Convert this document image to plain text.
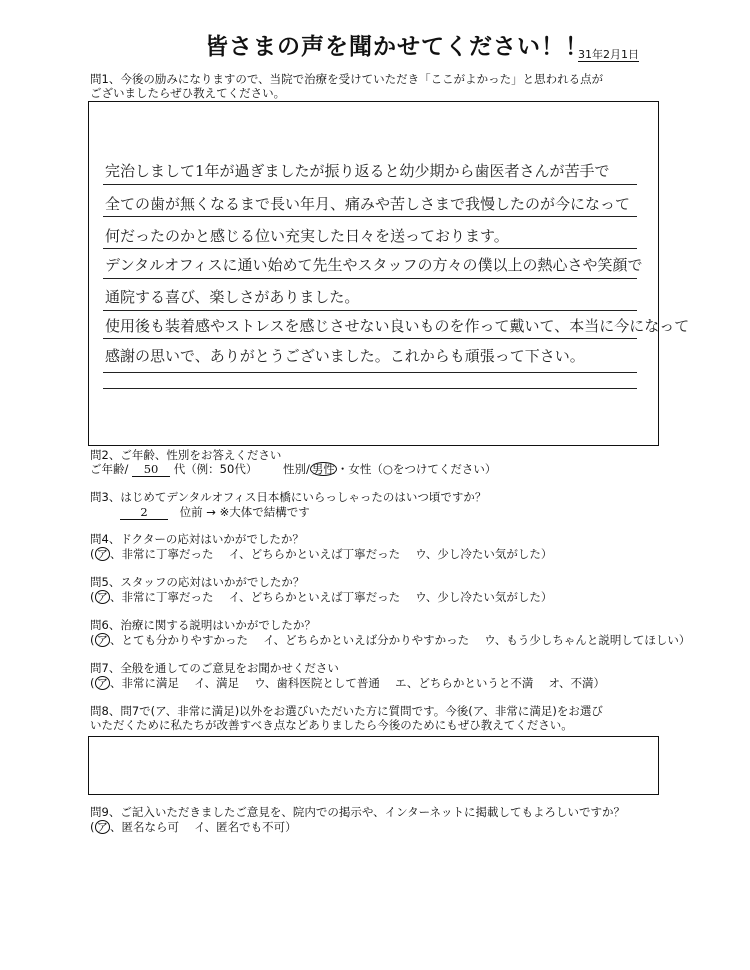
皆さまの声を聞かせてください！！
31年2月1日
問1、今後の励みになりますので、当院で治療を受けていただき「ここがよかった」と思われる点が
ございましたらぜひ教えてください。
完治しまして1年が過ぎましたが振り返ると幼少期から歯医者さんが苦手で
全ての歯が無くなるまで長い年月、痛みや苦しさまで我慢したのが今になって
何だったのかと感じる位い充実した日々を送っております。
デンタルオフィスに通い始めて先生やスタッフの方々の僕以上の熱心さや笑顔で
通院する喜び、楽しさがありました。
使用後も装着感やストレスを感じさせない良いものを作って戴いて、本当に今になって
感謝の思いで、ありがとうございました。これからも頑張って下さい。
問2、ご年齢、性別をお答えください
ご年齢/ 50 代（例：50代） 性別/ 男性 ・女性（○をつけてください）
問3、はじめてデンタルオフィス日本橋にいらっしゃったのはいつ頃ですか？
2	位前 → ※大体で結構です
問4、ドクターの応対はいかがでしたか？
( ア 、非常に丁寧だった　 イ、どちらかといえば丁寧だった　 ウ、少し冷たい気がした）
問5、スタッフの応対はいかがでしたか？
( ア 、非常に丁寧だった　 イ、どちらかといえば丁寧だった　 ウ、少し冷たい気がした）
問6、治療に関する説明はいかがでしたか？
( ア 、とても分かりやすかった　 イ、どちらかといえば分かりやすかった　 ウ、もう少しちゃんと説明してほしい）
問7、全般を通してのご意見をお聞かせください
( ア 、非常に満足　 イ、満足　 ウ、歯科医院として普通　 エ、どちらかというと不満　 オ、不満）
問8、問7で(ア、非常に満足)以外をお選びいただいた方に質問です。今後(ア、非常に満足)をお選び
いただくために私たちが改善すべき点などありましたら今後のためにもぜひ教えてください。
問9、ご記入いただきましたご意見を、院内での掲示や、インターネットに掲載してもよろしいですか？
( ア 、匿名なら可　 イ、匿名でも不可）
